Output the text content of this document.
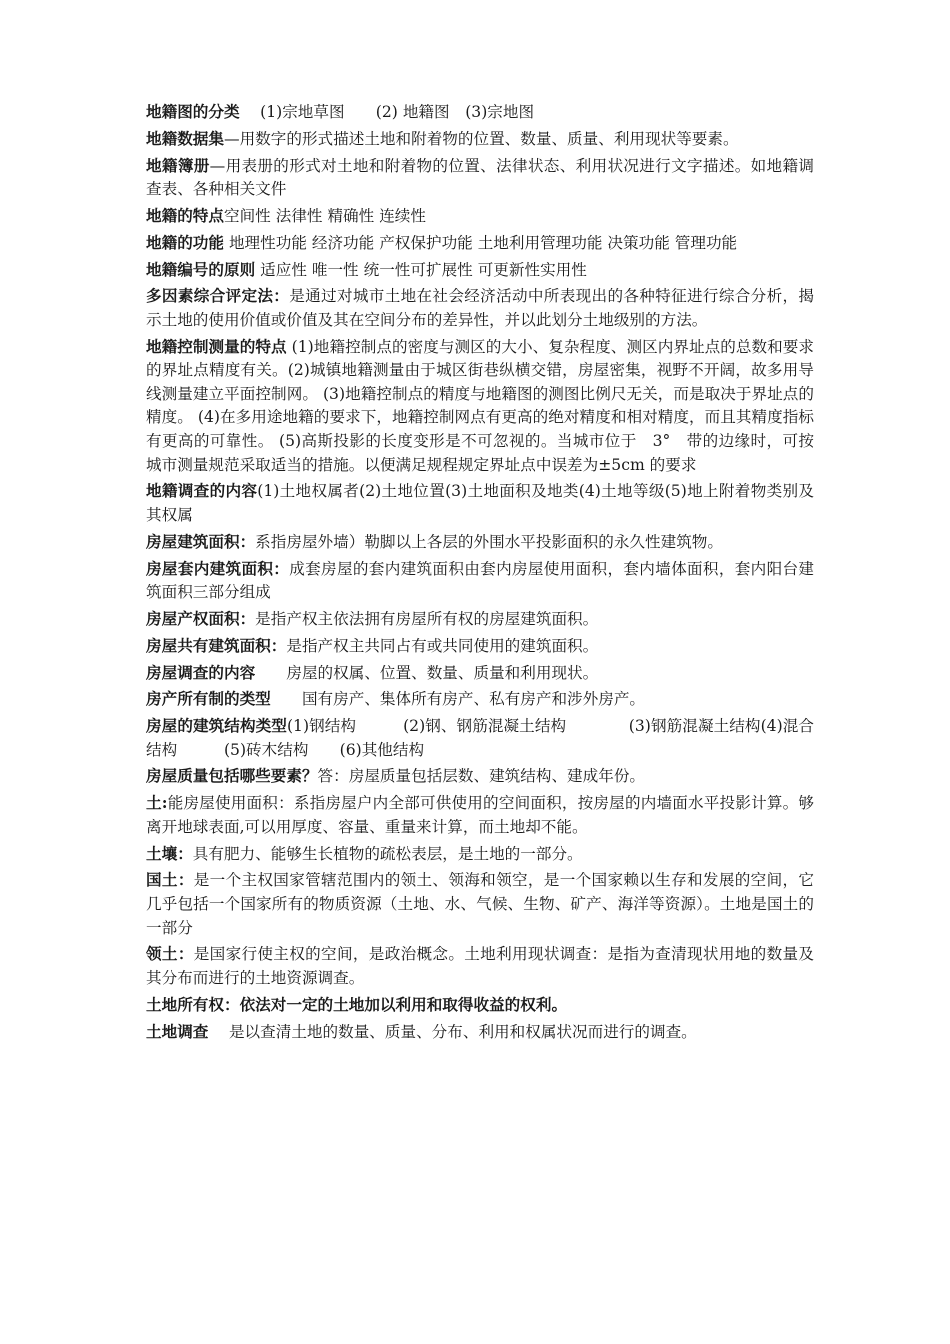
地籍图的分类　 (1)宗地草图　　(2) 地籍图　(3)宗地图

地籍数据集—用数字的形式描述土地和附着物的位置、数量、质量、利用现状等要素。

地籍簿册—用表册的形式对土地和附着物的位置、法律状态、利用状况进行文字描述。如地籍调查表、各种相关文件

地籍的特点空间性 法律性 精确性 连续性

地籍的功能 地理性功能 经济功能 产权保护功能 土地利用管理功能 决策功能 管理功能

地籍编号的原则 适应性 唯一性 统一性可扩展性 可更新性实用性

多因素综合评定法：是通过对城市土地在社会经济活动中所表现出的各种特征进行综合分析，揭示土地的使用价值或价值及其在空间分布的差异性，并以此划分土地级别的方法。

地籍控制测量的特点 (1)地籍控制点的密度与测区的大小、复杂程度、测区内界址点的总数和要求的界址点精度有关。(2)城镇地籍测量由于城区街巷纵横交错，房屋密集，视野不开阔，故多用导线测量建立平面控制网。 (3)地籍控制点的精度与地籍图的测图比例尺无关，而是取决于界址点的精度。 (4)在多用途地籍的要求下，地籍控制网点有更高的绝对精度和相对精度，而且其精度指标有更高的可靠性。 (5)高斯投影的长度变形是不可忽视的。当城市位于　3°　带的边缘时，可按城市测量规范采取适当的措施。以便满足规程规定界址点中误差为±5cm 的要求

地籍调查的内容(1)土地权属者(2)土地位置(3)土地面积及地类(4)土地等级(5)地上附着物类别及其权属

房屋建筑面积：系指房屋外墙）勒脚以上各层的外围水平投影面积的永久性建筑物。

房屋套内建筑面积：成套房屋的套内建筑面积由套内房屋使用面积，套内墙体面积，套内阳台建筑面积三部分组成

房屋产权面积：是指产权主依法拥有房屋所有权的房屋建筑面积。

房屋共有建筑面积：是指产权主共同占有或共同使用的建筑面积。

房屋调查的内容　　房屋的权属、位置、数量、质量和利用现状。

房产所有制的类型　　国有房产、集体所有房产、私有房产和涉外房产。

房屋的建筑结构类型(1)钢结构　　　(2)钢、钢筋混凝土结构　　　　(3)钢筋混凝土结构(4)混合结构　　　(5)砖木结构　　(6)其他结构

房屋质量包括哪些要素？答：房屋质量包括层数、建筑结构、建成年份。

土:能房屋使用面积：系指房屋户内全部可供使用的空间面积，按房屋的内墙面水平投影计算。够离开地球表面,可以用厚度、容量、重量来计算，而土地却不能。

土壤：具有肥力、能够生长植物的疏松表层，是土地的一部分。

国土：是一个主权国家管辖范围内的领土、领海和领空，是一个国家赖以生存和发展的空间，它几乎包括一个国家所有的物质资源（土地、水、气候、生物、矿产、海洋等资源）。土地是国土的一部分

领土：是国家行使主权的空间，是政治概念。土地利用现状调查：是指为查清现状用地的数量及其分布而进行的土地资源调查。

土地所有权：依法对一定的土地加以利用和取得收益的权利。

土地调查　 是以查清土地的数量、质量、分布、利用和权属状况而进行的调查。
